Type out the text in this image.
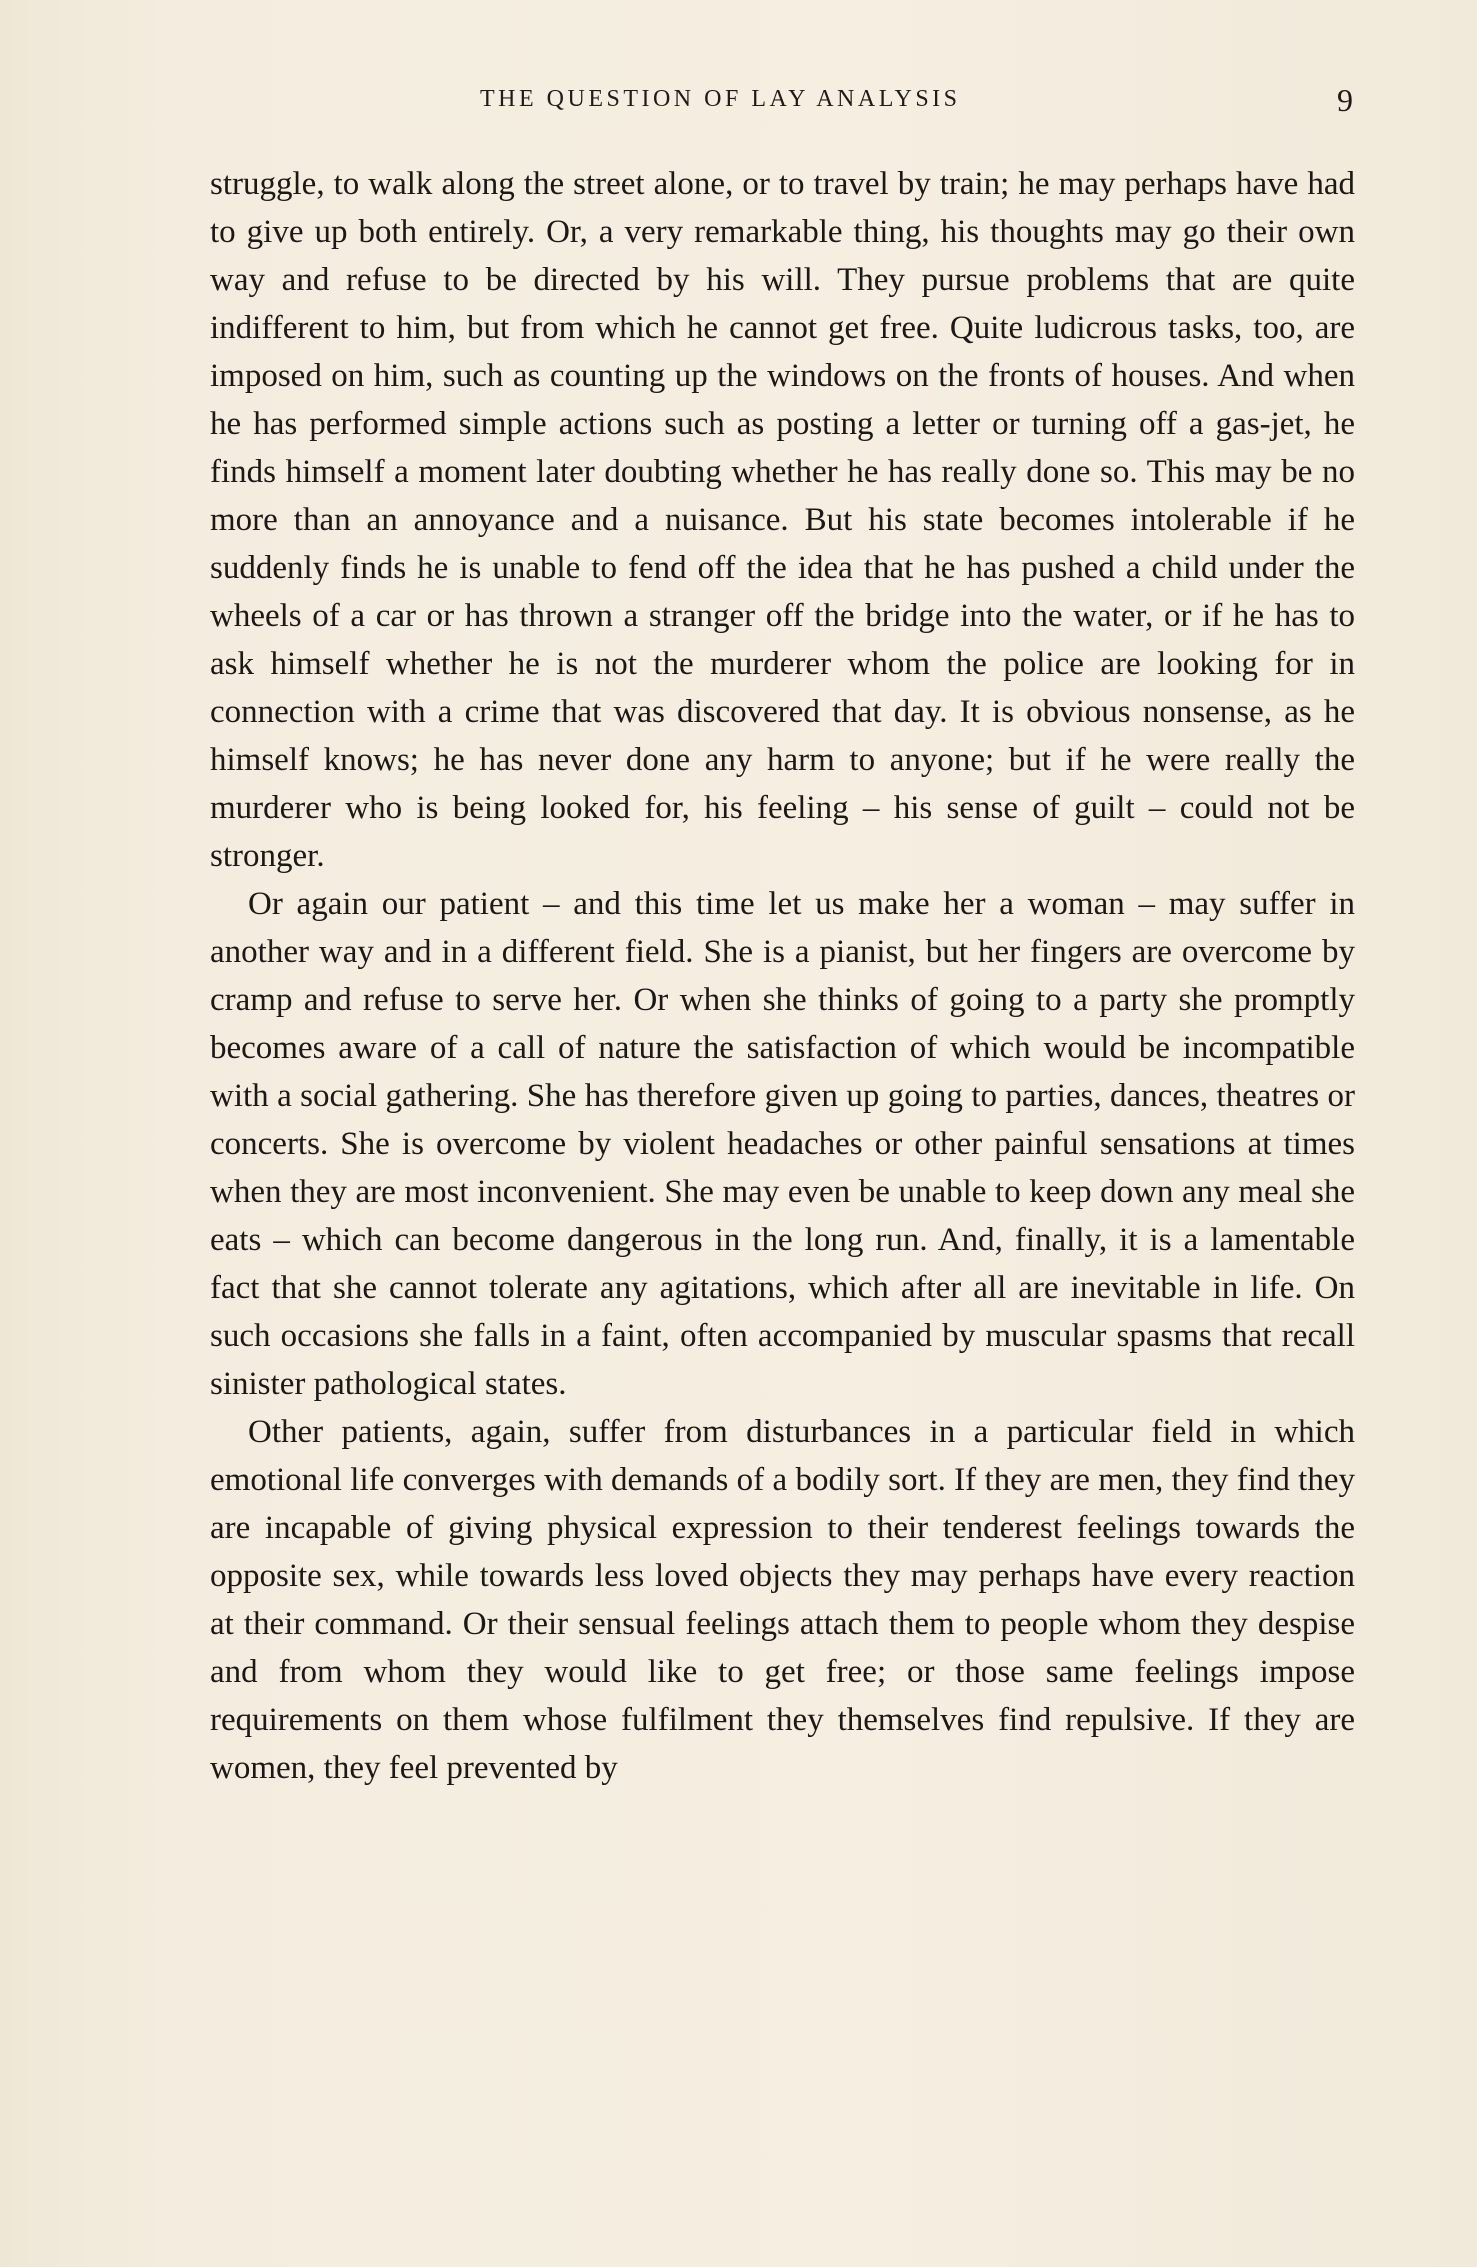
THE QUESTION OF LAY ANALYSIS	9

struggle, to walk along the street alone, or to travel by train; he may perhaps have had to give up both entirely. Or, a very remarkable thing, his thoughts may go their own way and refuse to be directed by his will. They pursue problems that are quite indifferent to him, but from which he cannot get free. Quite ludicrous tasks, too, are imposed on him, such as counting up the windows on the fronts of houses. And when he has performed simple actions such as posting a letter or turning off a gas-jet, he finds himself a moment later doubting whether he has really done so. This may be no more than an annoyance and a nuisance. But his state becomes intolerable if he suddenly finds he is unable to fend off the idea that he has pushed a child under the wheels of a car or has thrown a stranger off the bridge into the water, or if he has to ask himself whether he is not the murderer whom the police are looking for in connection with a crime that was discovered that day. It is obvious nonsense, as he himself knows; he has never done any harm to anyone; but if he were really the murderer who is being looked for, his feeling – his sense of guilt – could not be stronger.

Or again our patient – and this time let us make her a woman – may suffer in another way and in a different field. She is a pianist, but her fingers are overcome by cramp and refuse to serve her. Or when she thinks of going to a party she promptly becomes aware of a call of nature the satisfaction of which would be incompatible with a social gathering. She has therefore given up going to parties, dances, theatres or concerts. She is overcome by violent headaches or other painful sensations at times when they are most inconvenient. She may even be unable to keep down any meal she eats – which can become dangerous in the long run. And, finally, it is a lamentable fact that she cannot tolerate any agitations, which after all are inevitable in life. On such occasions she falls in a faint, often accompanied by muscular spasms that recall sinister pathological states.

Other patients, again, suffer from disturbances in a particular field in which emotional life converges with demands of a bodily sort. If they are men, they find they are incapable of giving physical expression to their tenderest feelings towards the opposite sex, while towards less loved objects they may perhaps have every reaction at their command. Or their sensual feelings attach them to people whom they despise and from whom they would like to get free; or those same feelings impose requirements on them whose fulfilment they themselves find repulsive. If they are women, they feel prevented by
